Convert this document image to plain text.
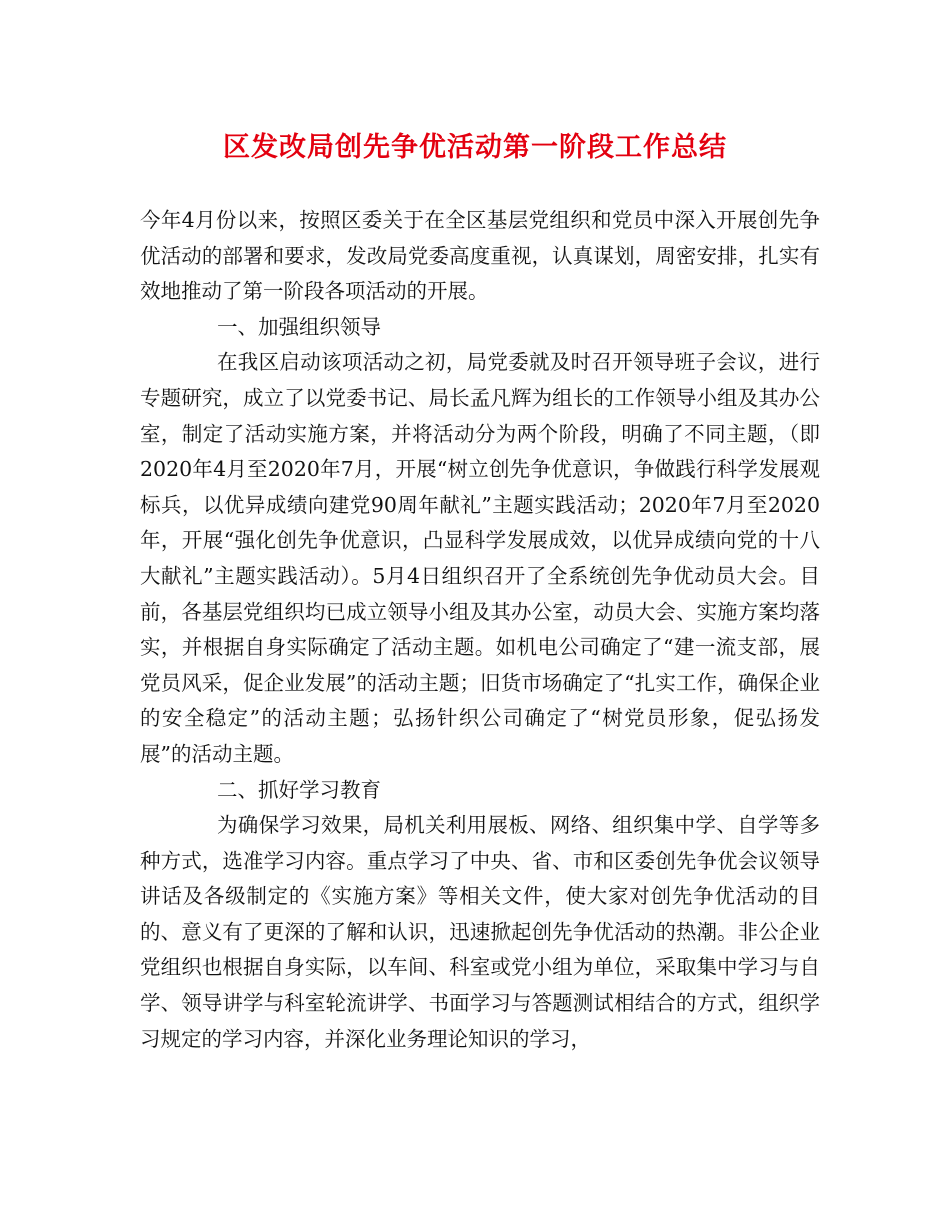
区发改局创先争优活动第一阶段工作总结

今年4月份以来，按照区委关于在全区基层党组织和党员中深入开展创先争优活动的部署和要求，发改局党委高度重视，认真谋划，周密安排，扎实有效地推动了第一阶段各项活动的开展。

一、加强组织领导

在我区启动该项活动之初，局党委就及时召开领导班子会议，进行专题研究，成立了以党委书记、局长孟凡辉为组长的工作领导小组及其办公室，制定了活动实施方案，并将活动分为两个阶段，明确了不同主题，（即2020年4月至2020年7月，开展“树立创先争优意识，争做践行科学发展观标兵，以优异成绩向建党90周年献礼”主题实践活动；2020年7月至2020年，开展“强化创先争优意识，凸显科学发展成效，以优异成绩向党的十八大献礼”主题实践活动）。5月4日组织召开了全系统创先争优动员大会。目前，各基层党组织均已成立领导小组及其办公室，动员大会、实施方案均落实，并根据自身实际确定了活动主题。如机电公司确定了“建一流支部，展党员风采，促企业发展”的活动主题；旧货市场确定了“扎实工作，确保企业的安全稳定”的活动主题；弘扬针织公司确定了“树党员形象，促弘扬发展”的活动主题。

二、抓好学习教育

为确保学习效果，局机关利用展板、网络、组织集中学、自学等多种方式，选准学习内容。重点学习了中央、省、市和区委创先争优会议领导讲话及各级制定的《实施方案》等相关文件，使大家对创先争优活动的目的、意义有了更深的了解和认识，迅速掀起创先争优活动的热潮。非公企业党组织也根据自身实际，以车间、科室或党小组为单位，采取集中学习与自学、领导讲学与科室轮流讲学、书面学习与答题测试相结合的方式，组织学习规定的学习内容，并深化业务理论知识的学习，
